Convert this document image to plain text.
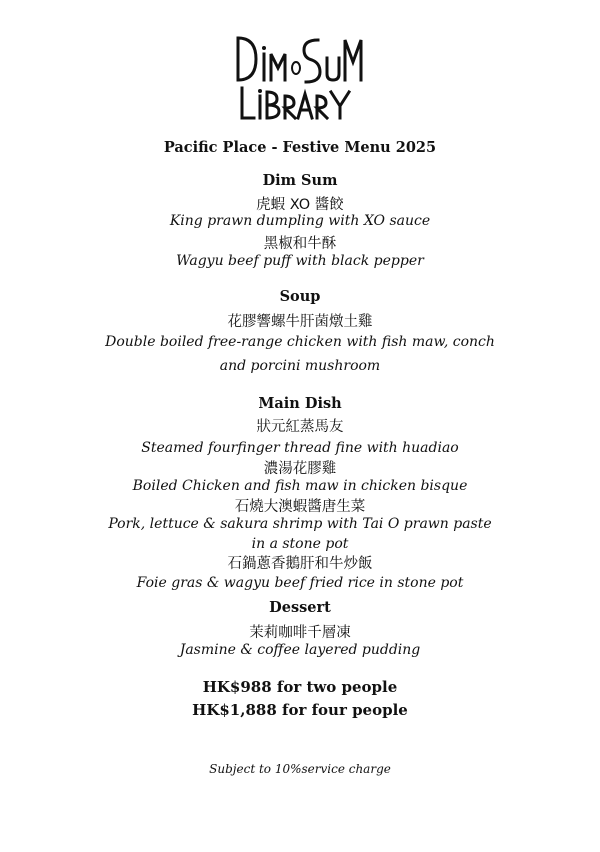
Pacific Place - Festive Menu 2025
Dim Sum
虎蝦 XO 醬餃
King prawn dumpling with XO sauce
黑椒和牛酥
Wagyu beef puff with black pepper
Soup
花膠響螺牛肝菌燉土雞
Double boiled free-range chicken with fish maw, conch
and porcini mushroom
Main Dish
狀元紅蒸馬友
Steamed fourfinger thread fine with huadiao
濃湯花膠雞
Boiled Chicken and fish maw in chicken bisque
石燒大澳蝦醬唐生菜
Pork, lettuce & sakura shrimp with Tai O prawn paste
in a stone pot
石鍋蔥香鵝肝和牛炒飯
Foie gras & wagyu beef fried rice in stone pot
Dessert
茉莉咖啡千層凍
Jasmine & coffee layered pudding
HK$988 for two people
HK$1,888 for four people
Subject to 10%service charge
